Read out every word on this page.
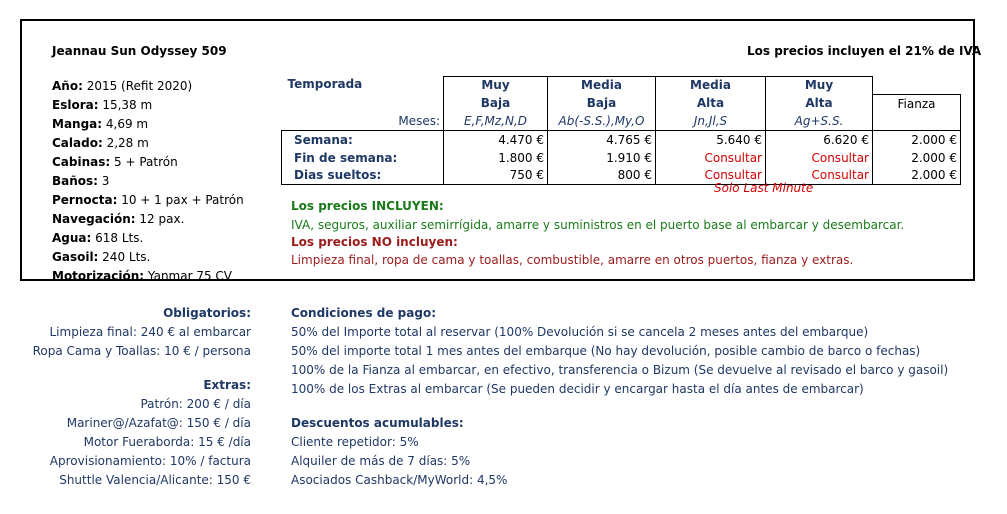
Jeannau Sun Odyssey 509	Los precios incluyen el 21% de IVA
Año: 2015 (Refit 2020)
Eslora: 15,38 m
Manga: 4,69 m
Calado: 2,28 m
Cabinas: 5 + Patrón
Baños: 3
Pernocta: 10 + 1 pax + Patrón
Navegación: 12 pax.
Agua: 618 Lts.
Gasoil: 240 Lts.
Motorización: Yanmar 75 CV
Temporada	Muy	Media	Media	Muy	
	Baja	Baja	Alta	Alta	Fianza
Meses:	E,F,Mz,N,D	Ab(-S.S.),My,O	Jn,Jl,S	Ag+S.S.	
Semana:	4.470 €	4.765 €	5.640 €	6.620 €	2.000 €
Fin de semana:	1.800 €	1.910 €	Consultar	Consultar	2.000 €
Dias sueltos:	750 €	800 €	Consultar	Consultar	2.000 €
Solo Last Minute
Los precios INCLUYEN:
IVA, seguros, auxiliar semirrígida, amarre y suministros en el puerto base al embarcar y desembarcar.
Los precios NO incluyen:
Limpieza final, ropa de cama y toallas, combustible, amarre en otros puertos, fianza y extras.
Obligatorios:
Limpieza final: 240 € al embarcar
Ropa Cama y Toallas: 10 € / persona
Extras:
Patrón: 200 € / día
Mariner@/Azafat@: 150 € / día
Motor Fueraborda: 15 € /día
Aprovisionamiento: 10% / factura
Shuttle Valencia/Alicante: 150 €
Condiciones de pago:
50% del Importe total al reservar (100% Devolución si se cancela 2 meses antes del embarque)
50% del importe total 1 mes antes del embarque (No hay devolución, posible cambio de barco o fechas)
100% de la Fianza al embarcar, en efectivo, transferencia o Bizum (Se devuelve al revisado el barco y gasoil)
100% de los Extras al embarcar (Se pueden decidir y encargar hasta el día antes de embarcar)
Descuentos acumulables:
Cliente repetidor: 5%
Alquiler de más de 7 días: 5%
Asociados Cashback/MyWorld: 4,5%
